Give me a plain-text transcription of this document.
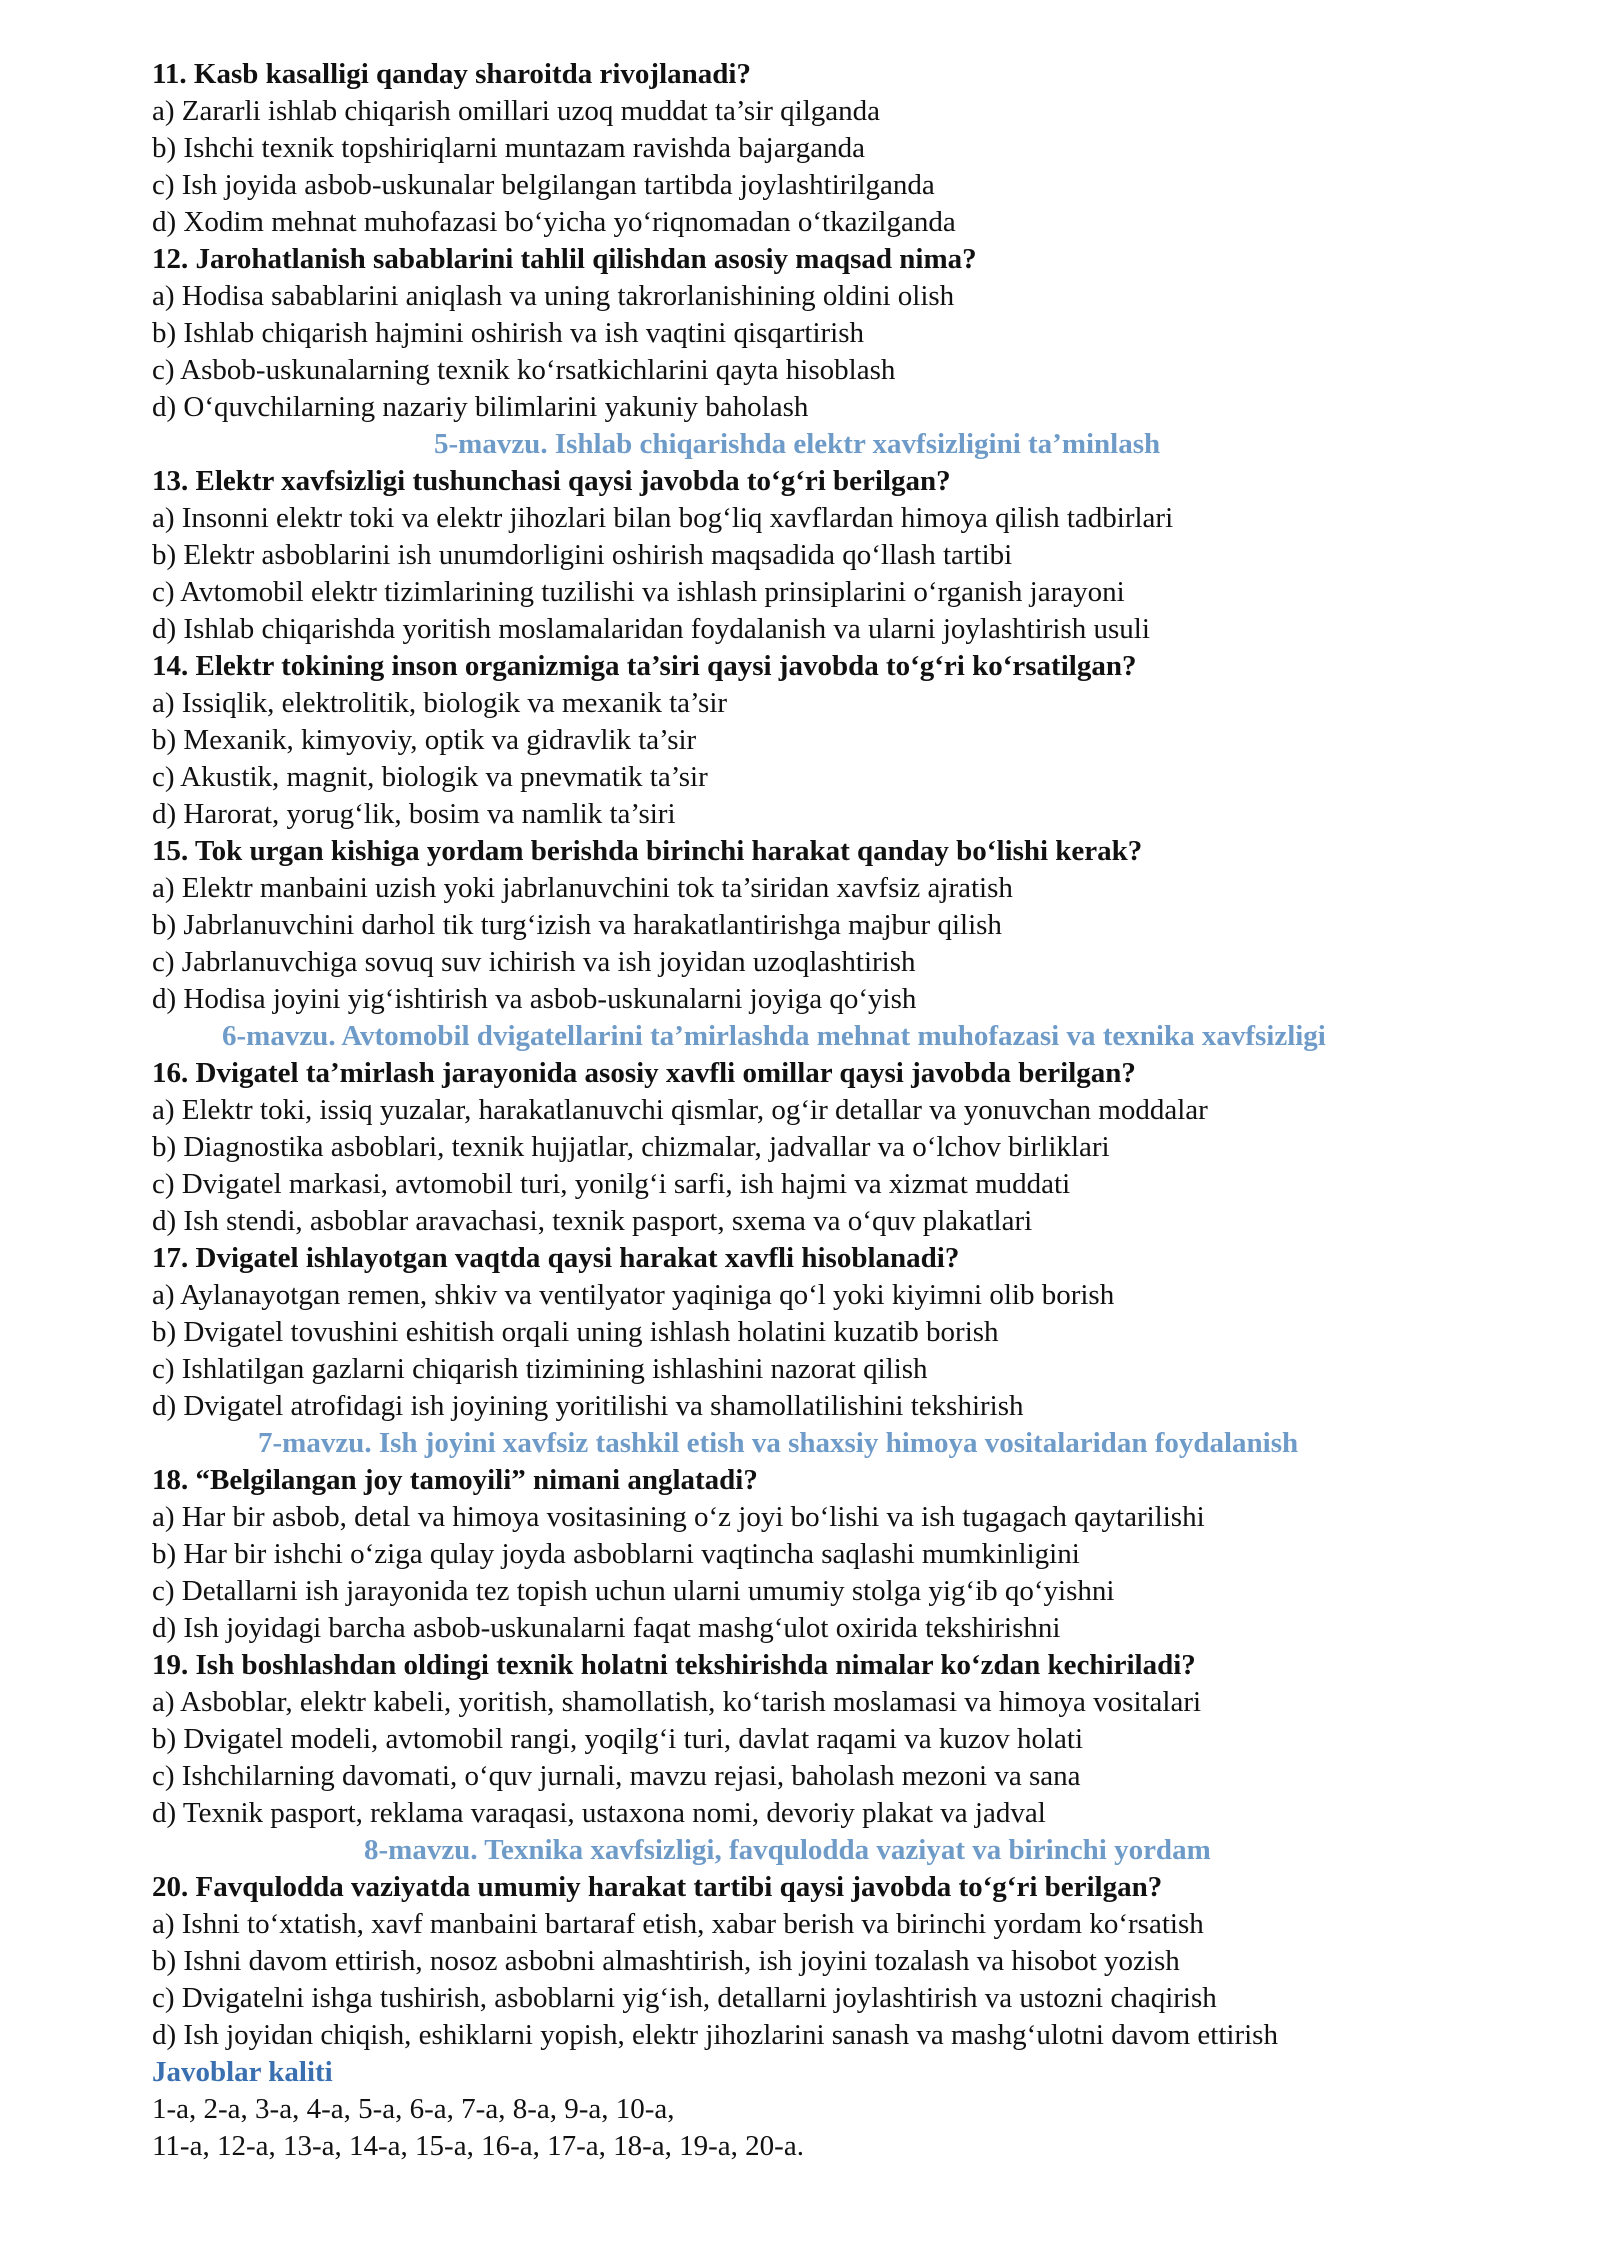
11. Kasb kasalligi qanday sharoitda rivojlanadi?
a) Zararli ishlab chiqarish omillari uzoq muddat ta’sir qilganda
b) Ishchi texnik topshiriqlarni muntazam ravishda bajarganda
c) Ish joyida asbob-uskunalar belgilangan tartibda joylashtirilganda
d) Xodim mehnat muhofazasi bo‘yicha yo‘riqnomadan o‘tkazilganda
12. Jarohatlanish sabablarini tahlil qilishdan asosiy maqsad nima?
a) Hodisa sabablarini aniqlash va uning takrorlanishining oldini olish
b) Ishlab chiqarish hajmini oshirish va ish vaqtini qisqartirish
c) Asbob-uskunalarning texnik ko‘rsatkichlarini qayta hisoblash
d) O‘quvchilarning nazariy bilimlarini yakuniy baholash
5-mavzu. Ishlab chiqarishda elektr xavfsizligini ta’minlash
13. Elektr xavfsizligi tushunchasi qaysi javobda to‘g‘ri berilgan?
a) Insonni elektr toki va elektr jihozlari bilan bog‘liq xavflardan himoya qilish tadbirlari
b) Elektr asboblarini ish unumdorligini oshirish maqsadida qo‘llash tartibi
c) Avtomobil elektr tizimlarining tuzilishi va ishlash prinsiplarini o‘rganish jarayoni
d) Ishlab chiqarishda yoritish moslamalaridan foydalanish va ularni joylashtirish usuli
14. Elektr tokining inson organizmiga ta’siri qaysi javobda to‘g‘ri ko‘rsatilgan?
a) Issiqlik, elektrolitik, biologik va mexanik ta’sir
b) Mexanik, kimyoviy, optik va gidravlik ta’sir
c) Akustik, magnit, biologik va pnevmatik ta’sir
d) Harorat, yorug‘lik, bosim va namlik ta’siri
15. Tok urgan kishiga yordam berishda birinchi harakat qanday bo‘lishi kerak?
a) Elektr manbaini uzish yoki jabrlanuvchini tok ta’siridan xavfsiz ajratish
b) Jabrlanuvchini darhol tik turg‘izish va harakatlantirishga majbur qilish
c) Jabrlanuvchiga sovuq suv ichirish va ish joyidan uzoqlashtirish
d) Hodisa joyini yig‘ishtirish va asbob-uskunalarni joyiga qo‘yish
6-mavzu. Avtomobil dvigatellarini ta’mirlashda mehnat muhofazasi va texnika xavfsizligi
16. Dvigatel ta’mirlash jarayonida asosiy xavfli omillar qaysi javobda berilgan?
a) Elektr toki, issiq yuzalar, harakatlanuvchi qismlar, og‘ir detallar va yonuvchan moddalar
b) Diagnostika asboblari, texnik hujjatlar, chizmalar, jadvallar va o‘lchov birliklari
c) Dvigatel markasi, avtomobil turi, yonilg‘i sarfi, ish hajmi va xizmat muddati
d) Ish stendi, asboblar aravachasi, texnik pasport, sxema va o‘quv plakatlari
17. Dvigatel ishlayotgan vaqtda qaysi harakat xavfli hisoblanadi?
a) Aylanayotgan remen, shkiv va ventilyator yaqiniga qo‘l yoki kiyimni olib borish
b) Dvigatel tovushini eshitish orqali uning ishlash holatini kuzatib borish
c) Ishlatilgan gazlarni chiqarish tizimining ishlashini nazorat qilish
d) Dvigatel atrofidagi ish joyining yoritilishi va shamollatilishini tekshirish
7-mavzu. Ish joyini xavfsiz tashkil etish va shaxsiy himoya vositalaridan foydalanish
18. “Belgilangan joy tamoyili” nimani anglatadi?
a) Har bir asbob, detal va himoya vositasining o‘z joyi bo‘lishi va ish tugagach qaytarilishi
b) Har bir ishchi o‘ziga qulay joyda asboblarni vaqtincha saqlashi mumkinligini
c) Detallarni ish jarayonida tez topish uchun ularni umumiy stolga yig‘ib qo‘yishni
d) Ish joyidagi barcha asbob-uskunalarni faqat mashg‘ulot oxirida tekshirishni
19. Ish boshlashdan oldingi texnik holatni tekshirishda nimalar ko‘zdan kechiriladi?
a) Asboblar, elektr kabeli, yoritish, shamollatish, ko‘tarish moslamasi va himoya vositalari
b) Dvigatel modeli, avtomobil rangi, yoqilg‘i turi, davlat raqami va kuzov holati
c) Ishchilarning davomati, o‘quv jurnali, mavzu rejasi, baholash mezoni va sana
d) Texnik pasport, reklama varaqasi, ustaxona nomi, devoriy plakat va jadval
8-mavzu. Texnika xavfsizligi, favqulodda vaziyat va birinchi yordam
20. Favqulodda vaziyatda umumiy harakat tartibi qaysi javobda to‘g‘ri berilgan?
a) Ishni to‘xtatish, xavf manbaini bartaraf etish, xabar berish va birinchi yordam ko‘rsatish
b) Ishni davom ettirish, nosoz asbobni almashtirish, ish joyini tozalash va hisobot yozish
c) Dvigatelni ishga tushirish, asboblarni yig‘ish, detallarni joylashtirish va ustozni chaqirish
d) Ish joyidan chiqish, eshiklarni yopish, elektr jihozlarini sanash va mashg‘ulotni davom ettirish
Javoblar kaliti
1-a, 2-a, 3-a, 4-a, 5-a, 6-a, 7-a, 8-a, 9-a, 10-a,
11-a, 12-a, 13-a, 14-a, 15-a, 16-a, 17-a, 18-a, 19-a, 20-a.
